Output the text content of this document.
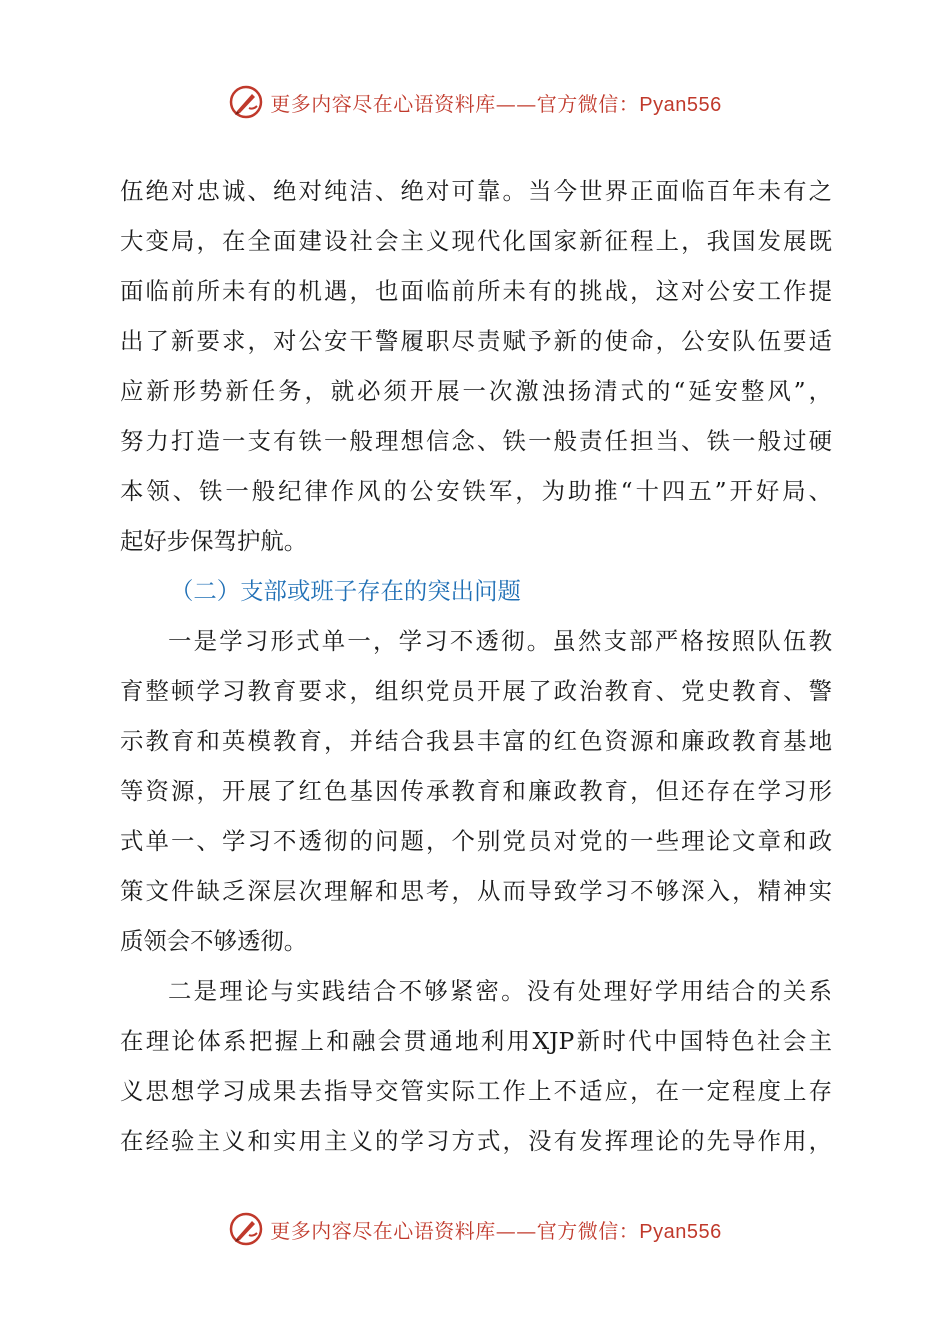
更多内容尽在心语资料库——官方微信：Pyan556
伍绝对忠诚、绝对纯洁、绝对可靠。当今世界正面临百年未有之
大变局，在全面建设社会主义现代化国家新征程上，我国发展既
面临前所未有的机遇，也面临前所未有的挑战，这对公安工作提
出了新要求，对公安干警履职尽责赋予新的使命，公安队伍要适
应新形势新任务，就必须开展一次激浊扬清式的“延安整风”，
努力打造一支有铁一般理想信念、铁一般责任担当、铁一般过硬
本领、铁一般纪律作风的公安铁军，为助推“十四五”开好局、
起好步保驾护航。
（二）支部或班子存在的突出问题
一是学习形式单一，学习不透彻。虽然支部严格按照队伍教
育整顿学习教育要求，组织党员开展了政治教育、党史教育、警
示教育和英模教育，并结合我县丰富的红色资源和廉政教育基地
等资源，开展了红色基因传承教育和廉政教育，但还存在学习形
式单一、学习不透彻的问题，个别党员对党的一些理论文章和政
策文件缺乏深层次理解和思考，从而导致学习不够深入，精神实
质领会不够透彻。
二是理论与实践结合不够紧密。没有处理好学用结合的关系
在理论体系把握上和融会贯通地利用XJP新时代中国特色社会主
义思想学习成果去指导交管实际工作上不适应，在一定程度上存
在经验主义和实用主义的学习方式，没有发挥理论的先导作用，
更多内容尽在心语资料库——官方微信：Pyan556
